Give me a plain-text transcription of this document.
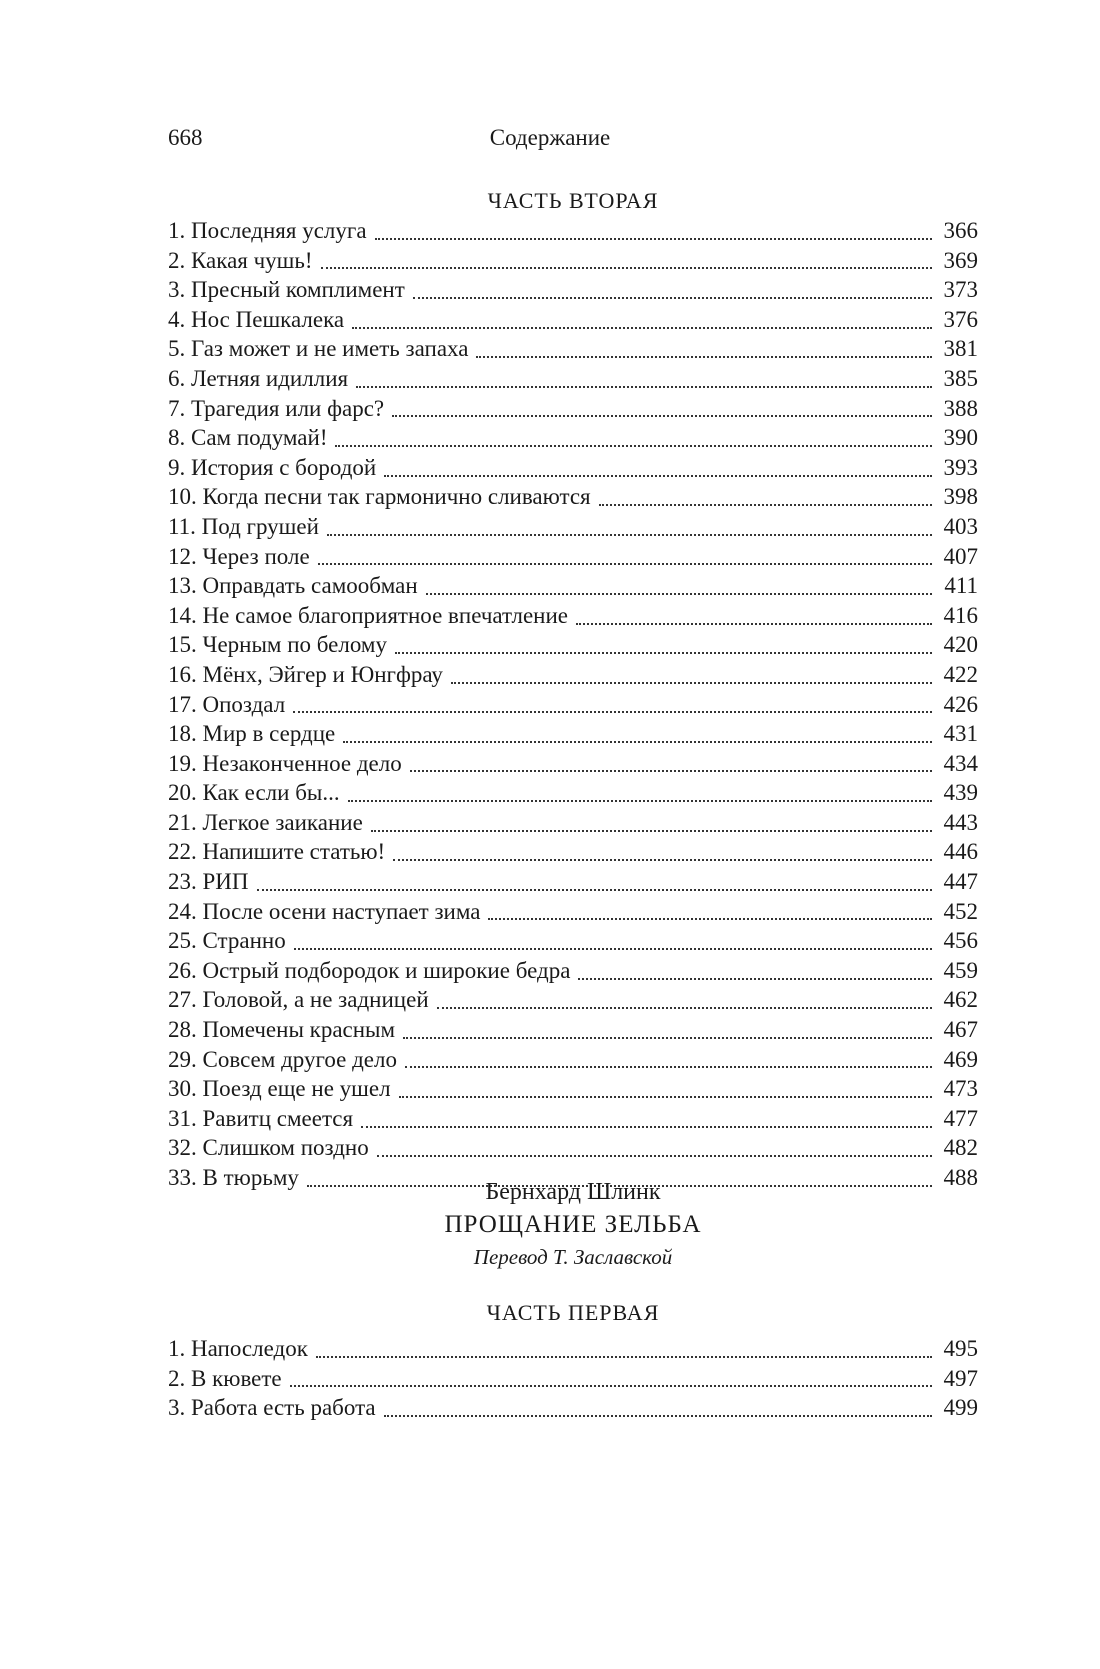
668	Содержание
ЧАСТЬ ВТОРАЯ
1. Последняя услуга	366
2. Какая чушь!	369
3. Пресный комплимент	373
4. Нос Пешкалека	376
5. Газ может и не иметь запаха	381
6. Летняя идиллия	385
7. Трагедия или фарс?	388
8. Сам подумай!	390
9. История с бородой	393
10. Когда песни так гармонично сливаются	398
11. Под грушей	403
12. Через поле	407
13. Оправдать самообман	411
14. Не самое благоприятное впечатление	416
15. Черным по белому	420
16. Мёнх, Эйгер и Юнгфрау	422
17. Опоздал	426
18. Мир в сердце	431
19. Незаконченное дело	434
20. Как если бы...	439
21. Легкое заикание	443
22. Напишите статью!	446
23. РИП	447
24. После осени наступает зима	452
25. Странно	456
26. Острый подбородок и широкие бедра	459
27. Головой, а не задницей	462
28. Помечены красным	467
29. Совсем другое дело	469
30. Поезд еще не ушел	473
31. Равитц смеется	477
32. Слишком поздно	482
33. В тюрьму	488
Бернхард Шлинк
ПРОЩАНИЕ ЗЕЛЬБА
Перевод Т. Заславской
ЧАСТЬ ПЕРВАЯ
1. Напоследок	495
2. В кювете	497
3. Работа есть работа	499
